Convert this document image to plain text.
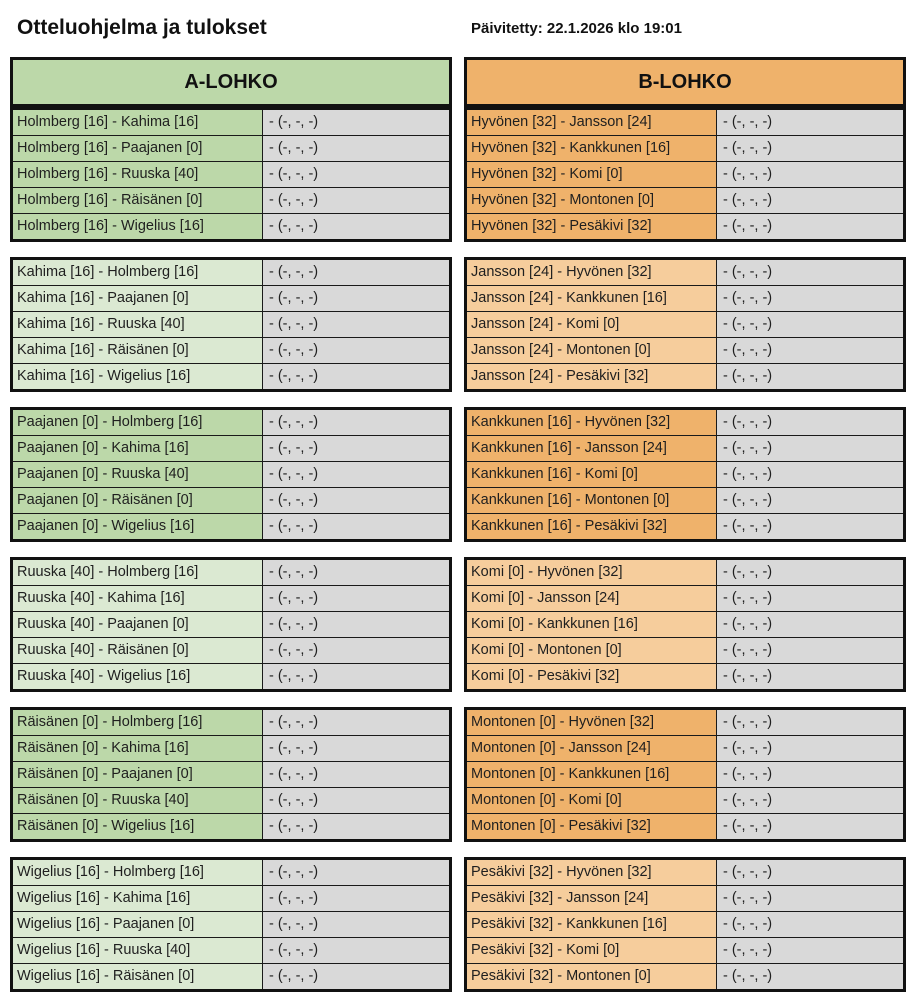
Otteluohjelma ja tulokset	Päivitetty: 22.1.2026 klo 19:01
A-LOHKO
Holmberg [16] - Kahima [16]	- (-, -, -)
Holmberg [16] - Paajanen [0]	- (-, -, -)
Holmberg [16] - Ruuska [40]	- (-, -, -)
Holmberg [16] - Räisänen [0]	- (-, -, -)
Holmberg [16] - Wigelius [16]	- (-, -, -)
Kahima [16] - Holmberg [16]	- (-, -, -)
Kahima [16] - Paajanen [0]	- (-, -, -)
Kahima [16] - Ruuska [40]	- (-, -, -)
Kahima [16] - Räisänen [0]	- (-, -, -)
Kahima [16] - Wigelius [16]	- (-, -, -)
Paajanen [0] - Holmberg [16]	- (-, -, -)
Paajanen [0] - Kahima [16]	- (-, -, -)
Paajanen [0] - Ruuska [40]	- (-, -, -)
Paajanen [0] - Räisänen [0]	- (-, -, -)
Paajanen [0] - Wigelius [16]	- (-, -, -)
Ruuska [40] - Holmberg [16]	- (-, -, -)
Ruuska [40] - Kahima [16]	- (-, -, -)
Ruuska [40] - Paajanen [0]	- (-, -, -)
Ruuska [40] - Räisänen [0]	- (-, -, -)
Ruuska [40] - Wigelius [16]	- (-, -, -)
Räisänen [0] - Holmberg [16]	- (-, -, -)
Räisänen [0] - Kahima [16]	- (-, -, -)
Räisänen [0] - Paajanen [0]	- (-, -, -)
Räisänen [0] - Ruuska [40]	- (-, -, -)
Räisänen [0] - Wigelius [16]	- (-, -, -)
Wigelius [16] - Holmberg [16]	- (-, -, -)
Wigelius [16] - Kahima [16]	- (-, -, -)
Wigelius [16] - Paajanen [0]	- (-, -, -)
Wigelius [16] - Ruuska [40]	- (-, -, -)
Wigelius [16] - Räisänen [0]	- (-, -, -)
B-LOHKO
Hyvönen [32] - Jansson [24]	- (-, -, -)
Hyvönen [32] - Kankkunen [16]	- (-, -, -)
Hyvönen [32] - Komi [0]	- (-, -, -)
Hyvönen [32] - Montonen [0]	- (-, -, -)
Hyvönen [32] - Pesäkivi [32]	- (-, -, -)
Jansson [24] - Hyvönen [32]	- (-, -, -)
Jansson [24] - Kankkunen [16]	- (-, -, -)
Jansson [24] - Komi [0]	- (-, -, -)
Jansson [24] - Montonen [0]	- (-, -, -)
Jansson [24] - Pesäkivi [32]	- (-, -, -)
Kankkunen [16] - Hyvönen [32]	- (-, -, -)
Kankkunen [16] - Jansson [24]	- (-, -, -)
Kankkunen [16] - Komi [0]	- (-, -, -)
Kankkunen [16] - Montonen [0]	- (-, -, -)
Kankkunen [16] - Pesäkivi [32]	- (-, -, -)
Komi [0] - Hyvönen [32]	- (-, -, -)
Komi [0] - Jansson [24]	- (-, -, -)
Komi [0] - Kankkunen [16]	- (-, -, -)
Komi [0] - Montonen [0]	- (-, -, -)
Komi [0] - Pesäkivi [32]	- (-, -, -)
Montonen [0] - Hyvönen [32]	- (-, -, -)
Montonen [0] - Jansson [24]	- (-, -, -)
Montonen [0] - Kankkunen [16]	- (-, -, -)
Montonen [0] - Komi [0]	- (-, -, -)
Montonen [0] - Pesäkivi [32]	- (-, -, -)
Pesäkivi [32] - Hyvönen [32]	- (-, -, -)
Pesäkivi [32] - Jansson [24]	- (-, -, -)
Pesäkivi [32] - Kankkunen [16]	- (-, -, -)
Pesäkivi [32] - Komi [0]	- (-, -, -)
Pesäkivi [32] - Montonen [0]	- (-, -, -)
